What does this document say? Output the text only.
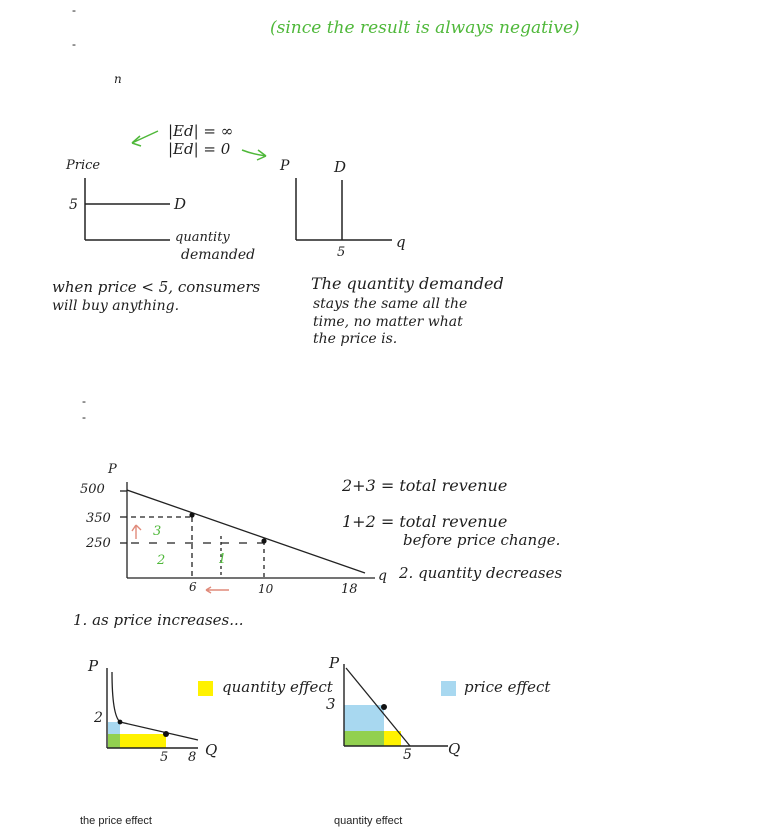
-
-
-
-
(since the result is always negative)
n
|Ed| = ∞
|Ed| = 0
Price
5	D
quantity
demanded
P	D
5
q
when price < 5, consumers
will buy anything.
The quantity demanded
stays the same all the
time, no matter what
the price is.
P
500
350
250
6	10	18
q
3
2	1
2+3 = total revenue
1+2 = total revenue
before price change.
2. quantity decreases
1. as price increases...
P
2
5 8 Q
P
3
5 Q
quantity effect	price effect
the price effect	quantity effect
